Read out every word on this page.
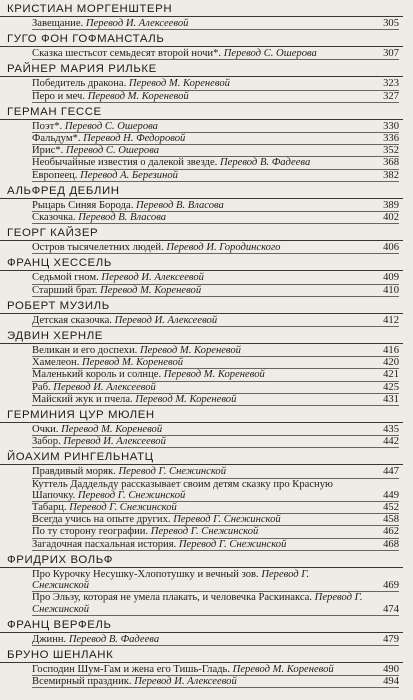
КРИСТИАН МОРГЕНШТЕРН
Завещание. Перевод И. Алексеевой	305
ГУГО ФОН ГОФМАНСТАЛЬ
Сказка шестьсот семьдесят второй ночи*. Перевод С. Ошерова	307
РАЙНЕР МАРИЯ РИЛЬКЕ
Победитель дракона. Перевод М. Кореневой	323
Перо и меч. Перевод М. Кореневой	327
ГЕРМАН ГЕССЕ
Поэт*. Перевод С. Ошерова	330
Фальдум*. Перевод Н. Федоровой	336
Ирис*. Перевод С. Ошерова	352
Необычайные известия о далекой звезде. Перевод В. Фадеева	368
Европеец. Перевод А. Березиной	382
АЛЬФРЕД ДЕБЛИН
Рыцарь Синяя Борода. Перевод В. Власова	389
Сказочка. Перевод В. Власова	402
ГЕОРГ КАЙЗЕР
Остров тысячелетних людей. Перевод И. Городинского	406
ФРАНЦ ХЕССЕЛЬ
Седьмой гном. Перевод И. Алексеевой	409
Старший брат. Перевод М. Кореневой	410
РОБЕРТ МУЗИЛЬ
Детская сказочка. Перевод И. Алексеевой	412
ЭДВИН ХЕРНЛЕ
Великан и его доспехи. Перевод М. Кореневой	416
Хамелеон. Перевод М. Кореневой	420
Маленький король и солнце. Перевод М. Кореневой	421
Раб. Перевод И. Алексеевой	425
Майский жук и пчела. Перевод М. Кореневой	431
ГЕРМИНИЯ ЦУР МЮЛЕН
Очки. Перевод М. Кореневой	435
Забор. Перевод И. Алексеевой	442
ЙОАХИМ РИНГЕЛЬНАТЦ
Правдивый моряк. Перевод Г. Снежинской	447
Куттель Даддельду рассказывает своим детям сказку про Красную Шапочку. Перевод Г. Снежинской	449
Табарц. Перевод Г. Снежинской	452
Всегда учись на опыте других. Перевод Г. Снежинской	458
По ту сторону географии. Перевод Г. Снежинской	462
Загадочная пасхальная история. Перевод Г. Снежинской	468
ФРИДРИХ ВОЛЬФ
Про Курочку Несушку-Хлопотушку и вечный зов. Перевод Г. Снежинской	469
Про Эльзу, которая не умела плакать, и человечка Раскинакса. Перевод Г. Снежинской	474
ФРАНЦ ВЕРФЕЛЬ
Джинн. Перевод В. Фадеева	479
БРУНО ШЕНЛАНК
Господин Шум-Гам и жена его Тишь-Гладь. Перевод М. Кореневой	490
Всемирный праздник. Перевод И. Алексеевой	494
